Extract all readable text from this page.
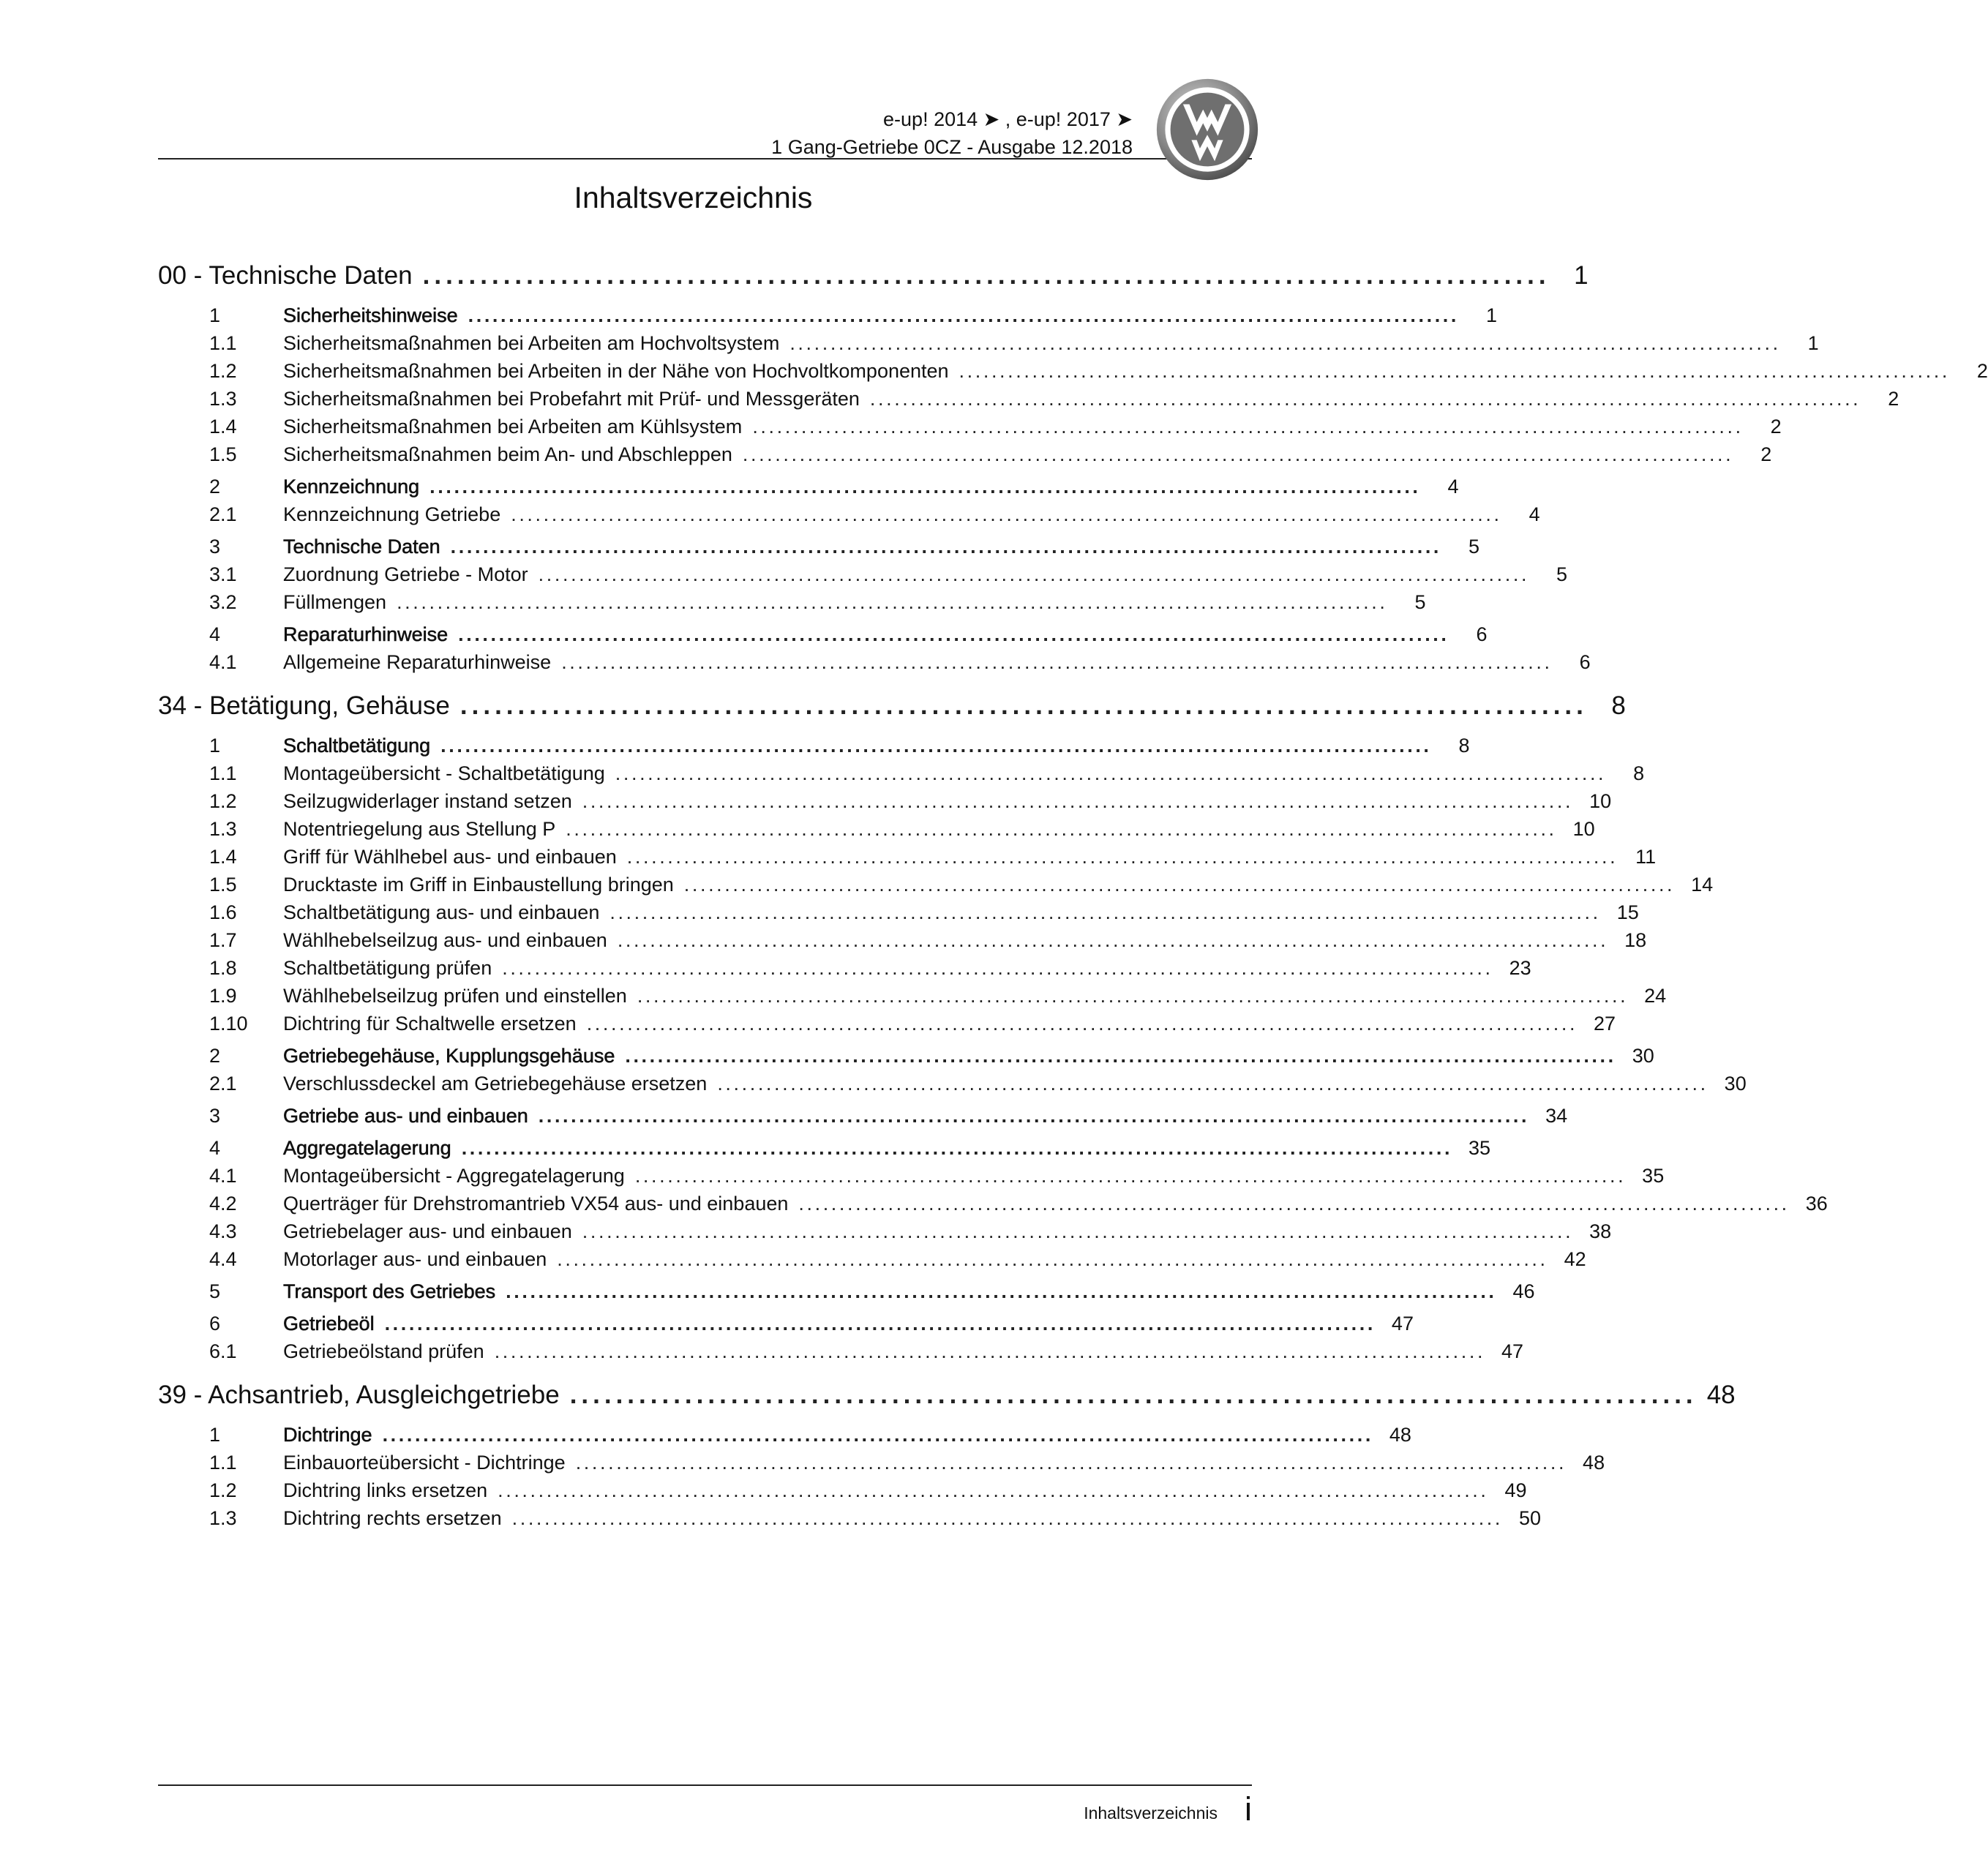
e-up! 2014 ➤ , e-up! 2017 ➤
1 Gang-Getriebe 0CZ - Ausgabe 12.2018
Inhaltsverzeichnis
00 - Technische Daten .................................................................................................. 1
1	Sicherheitshinweise ..........................................................................................................................	1
1.1	Sicherheitsmaßnahmen bei Arbeiten am Hochvoltsystem ..........................................................................................................................	1
1.2	Sicherheitsmaßnahmen bei Arbeiten in der Nähe von Hochvoltkomponenten ..........................................................................................................................	2
1.3	Sicherheitsmaßnahmen bei Probefahrt mit Prüf- und Messgeräten ..........................................................................................................................	2
1.4	Sicherheitsmaßnahmen bei Arbeiten am Kühlsystem ..........................................................................................................................	2
1.5	Sicherheitsmaßnahmen beim An- und Abschleppen ..........................................................................................................................	2
2	Kennzeichnung ..........................................................................................................................	4
2.1	Kennzeichnung Getriebe ..........................................................................................................................	4
3	Technische Daten ..........................................................................................................................	5
3.1	Zuordnung Getriebe - Motor ..........................................................................................................................	5
3.2	Füllmengen ..........................................................................................................................	5
4	Reparaturhinweise ..........................................................................................................................	6
4.1	Allgemeine Reparaturhinweise ..........................................................................................................................	6
34 - Betätigung, Gehäuse .................................................................................................. 8
1	Schaltbetätigung ..........................................................................................................................	8
1.1	Montageübersicht - Schaltbetätigung ..........................................................................................................................	8
1.2	Seilzugwiderlager instand setzen .......................................................................................................................... 10
1.3	Notentriegelung aus Stellung P .......................................................................................................................... 10
1.4	Griff für Wählhebel aus- und einbauen .......................................................................................................................... 11
1.5	Drucktaste im Griff in Einbaustellung bringen .......................................................................................................................... 14
1.6	Schaltbetätigung aus- und einbauen .......................................................................................................................... 15
1.7	Wählhebelseilzug aus- und einbauen .......................................................................................................................... 18
1.8	Schaltbetätigung prüfen .......................................................................................................................... 23
1.9	Wählhebelseilzug prüfen und einstellen .......................................................................................................................... 24
1.10	Dichtring für Schaltwelle ersetzen .......................................................................................................................... 27
2	Getriebegehäuse, Kupplungsgehäuse .......................................................................................................................... 30
2.1	Verschlussdeckel am Getriebegehäuse ersetzen .......................................................................................................................... 30
3	Getriebe aus- und einbauen .......................................................................................................................... 34
4	Aggregatelagerung .......................................................................................................................... 35
4.1	Montageübersicht - Aggregatelagerung .......................................................................................................................... 35
4.2	Querträger für Drehstromantrieb VX54 aus- und einbauen .......................................................................................................................... 36
4.3	Getriebelager aus- und einbauen .......................................................................................................................... 38
4.4	Motorlager aus- und einbauen .......................................................................................................................... 42
5	Transport des Getriebes .......................................................................................................................... 46
6	Getriebeöl .......................................................................................................................... 47
6.1	Getriebeölstand prüfen .......................................................................................................................... 47
39 - Achsantrieb, Ausgleichgetriebe .................................................................................................. 48
1	Dichtringe .......................................................................................................................... 48
1.1	Einbauorteübersicht - Dichtringe .......................................................................................................................... 48
1.2	Dichtring links ersetzen .......................................................................................................................... 49
1.3	Dichtring rechts ersetzen .......................................................................................................................... 50
Inhaltsverzeichnis i
